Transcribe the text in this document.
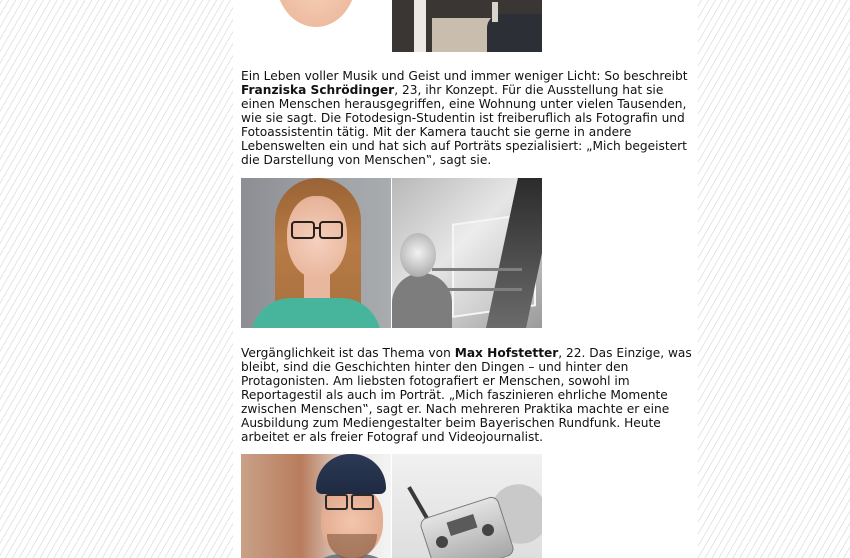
Ein Leben voller Musik und Geist und immer weniger Licht: So beschreibt Franziska Schrödinger, 23, ihr Konzept. Für die Ausstellung hat sie einen Menschen herausgegriffen, eine Wohnung unter vielen Tausenden, wie sie sagt. Die Fotodesign-Studentin ist freiberuflich als Fotografin und Fotoassistentin tätig. Mit der Kamera taucht sie gerne in andere Lebenswelten ein und hat sich auf Porträts spezialisiert: „Mich begeistert die Darstellung von Menschen‟, sagt sie.

Vergänglichkeit ist das Thema von Max Hofstetter, 22. Das Einzige, was bleibt, sind die Geschichten hinter den Dingen – und hinter den Protagonisten. Am liebsten fotografiert er Menschen, sowohl im Reportagestil als auch im Porträt. „Mich faszinieren ehrliche Momente zwischen Menschen‟, sagt er. Nach mehreren Praktika machte er eine Ausbildung zum Mediengestalter beim Bayerischen Rundfunk. Heute arbeitet er als freier Fotograf und Videojournalist.
